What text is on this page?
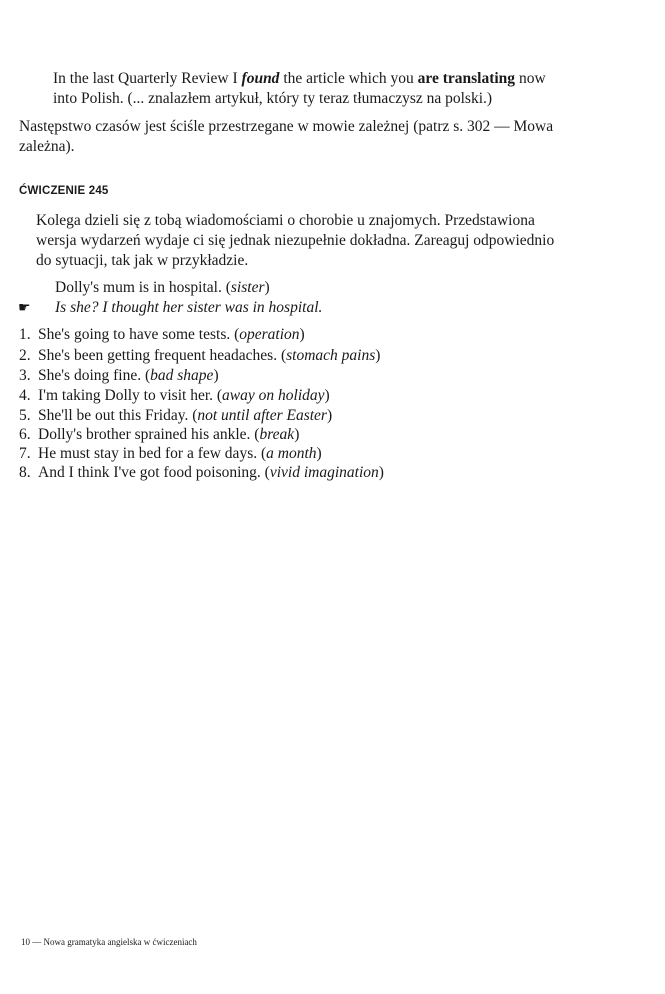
In the last Quarterly Review I found the article which you are translating now
into Polish. (... znalazłem artykuł, który ty teraz tłumaczysz na polski.)
Następstwo czasów jest ściśle przestrzegane w mowie zależnej (patrz s. 302 — Mowa
zależna).
ĆWICZENIE 245
Kolega dzieli się z tobą wiadomościami o chorobie u znajomych. Przedstawiona
wersja wydarzeń wydaje ci się jednak niezupełnie dokładna. Zareaguj odpowiednio
do sytuacji, tak jak w przykładzie.
Dolly's mum is in hospital. (sister)
☛ Is she? I thought her sister was in hospital.
1. She's going to have some tests. (operation)
2. She's been getting frequent headaches. (stomach pains)
3. She's doing fine. (bad shape)
4. I'm taking Dolly to visit her. (away on holiday)
5. She'll be out this Friday. (not until after Easter)
6. Dolly's brother sprained his ankle. (break)
7. He must stay in bed for a few days. (a month)
8. And I think I've got food poisoning. (vivid imagination)
10 — Nowa gramatyka angielska w ćwiczeniach
